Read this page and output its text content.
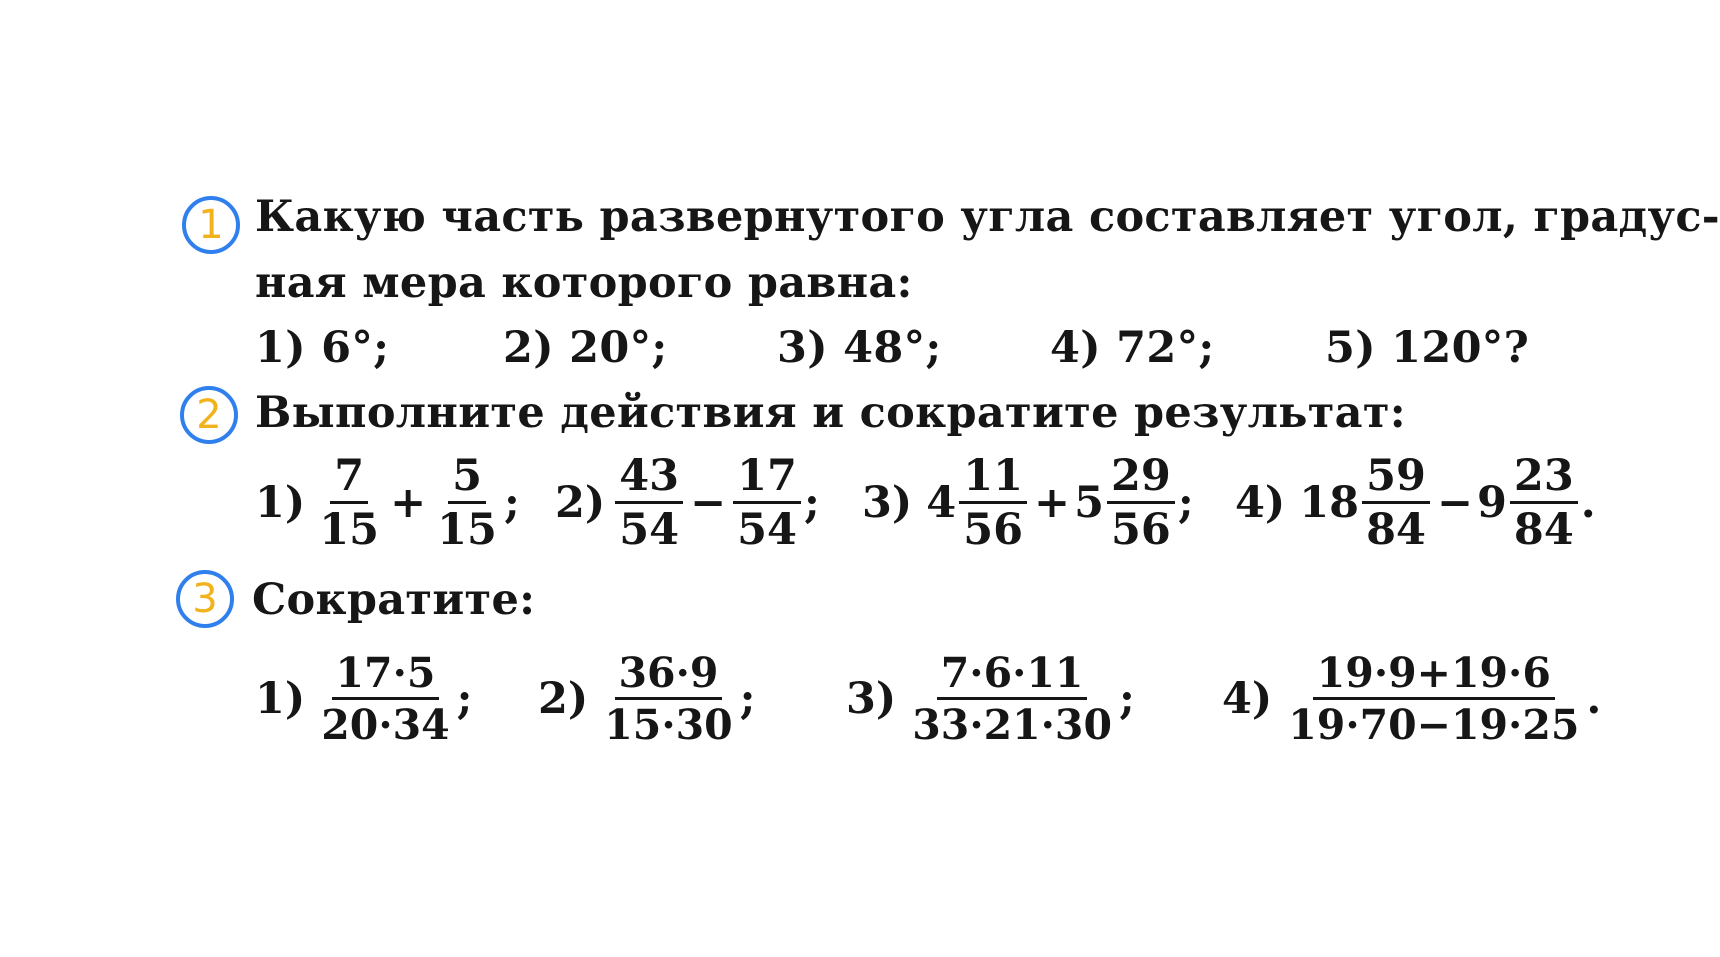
1 Какую часть развернутого угла составляет угол, градус-
ная мера которого равна:
1) 6°;	2) 20°;	3) 48°;	4) 72°;	5) 120°?
2 Выполните действия и сократите результат:
$1) \frac{7}{15} + \frac{5}{15}$ ; $2) \frac{43}{54} - \frac{17}{54}$ ; 3) $4 \frac{11}{56} + 5 \frac{29}{56}$ ; 4) $18 \frac{59}{84} - 9 \frac{23}{84}$ .
3 Сократите:
$1) \frac{17\cdot 5}{20\cdot 34}$ ; $2) \frac{36\cdot 9}{15\cdot 30}$ ; $3) \frac{7\cdot 6\cdot 11}{33\cdot 21\cdot 30}$ ; $4) \frac{19\cdot 9+19\cdot 6}{19\cdot 70-19\cdot 25}$ .
